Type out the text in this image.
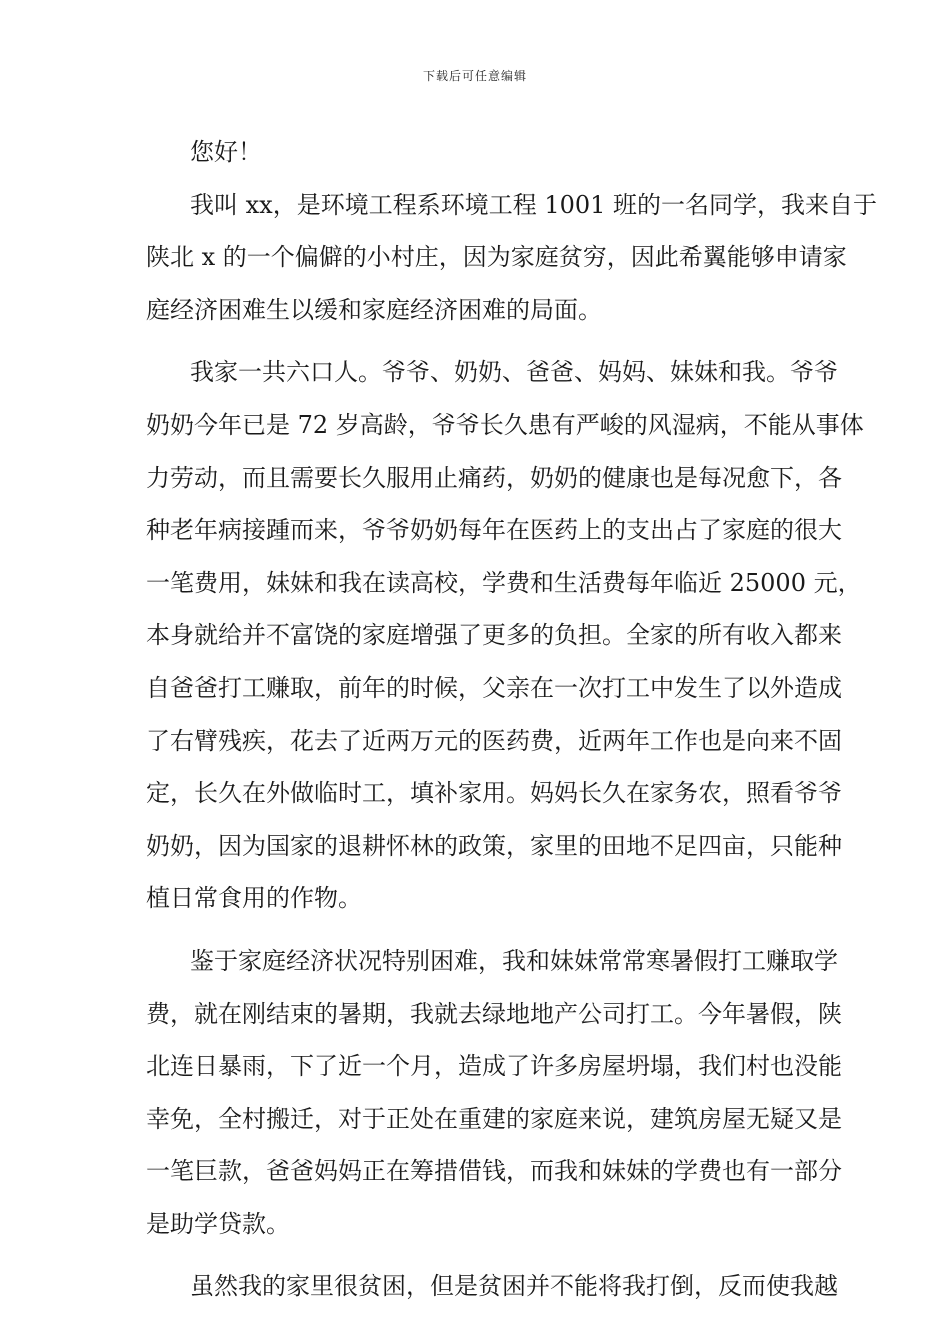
下载后可任意编辑
您好！
我叫 xx，是环境工程系环境工程 1001 班的一名同学，我来自于
陕北 x 的一个偏僻的小村庄，因为家庭贫穷，因此希翼能够申请家
庭经济困难生以缓和家庭经济困难的局面。
我家一共六口人。爷爷、奶奶、爸爸、妈妈、妹妹和我。爷爷
奶奶今年已是 72 岁高龄，爷爷长久患有严峻的风湿病，不能从事体
力劳动，而且需要长久服用止痛药，奶奶的健康也是每况愈下，各
种老年病接踵而来，爷爷奶奶每年在医药上的支出占了家庭的很大
一笔费用，妹妹和我在读高校，学费和生活费每年临近 25000 元，
本身就给并不富饶的家庭增强了更多的负担。全家的所有收入都来
自爸爸打工赚取，前年的时候，父亲在一次打工中发生了以外造成
了右臂残疾，花去了近两万元的医药费，近两年工作也是向来不固
定，长久在外做临时工，填补家用。妈妈长久在家务农，照看爷爷
奶奶，因为国家的退耕怀林的政策，家里的田地不足四亩，只能种
植日常食用的作物。
鉴于家庭经济状况特别困难，我和妹妹常常寒暑假打工赚取学
费，就在刚结束的暑期，我就去绿地地产公司打工。今年暑假，陕
北连日暴雨，下了近一个月，造成了许多房屋坍塌，我们村也没能
幸免，全村搬迁，对于正处在重建的家庭来说，建筑房屋无疑又是
一笔巨款，爸爸妈妈正在筹措借钱，而我和妹妹的学费也有一部分
是助学贷款。
虽然我的家里很贫困，但是贫困并不能将我打倒，反而使我越
